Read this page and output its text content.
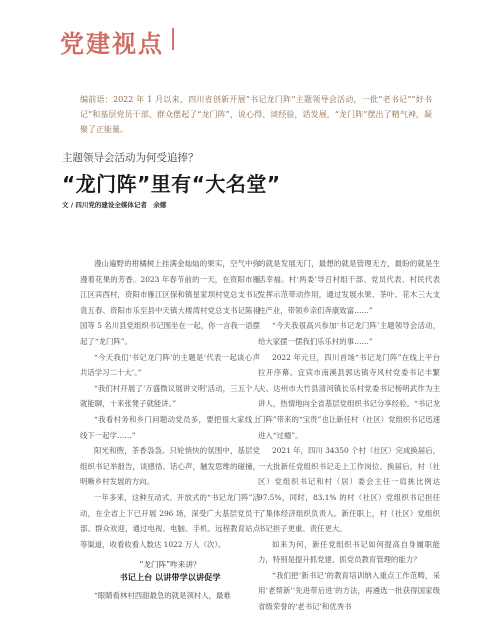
党建视点
编前语：2022 年 1 月以来，四川省创新开展“书记龙门阵”主题领导会活动，一批“老书记”“好书记”和基层党员干部、群众摆起了“龙门阵”，说心得、谈经验，话发展，“龙门阵”摆出了精气神，凝聚了正能量。
主题领导会活动为何受追捧？
“龙门阵”里有“大名堂”
文 / 四川党的建设全媒体记者　余娜

漫山遍野的柑橘树上挂满金灿灿的果实，空气中弥漫着花果的芳香。2023 年春节前的一天，在资阳市雁江区宾西村，资阳市雁江区保和镇星家坝村党总支书记袁五春、资阳市乐至县中天镇大楼湾村党总支书记陈祖国等 5 名川县党组织书记围坐在一起，你一言我一语摆起了“龙门阵”。

“今天我们‘书记龙门阵’的主题是‘代表一起谈心声 共话学习二十大’。”

“我们村开展了‘万盛微议展讲文明’活动，三五个人就能聊，十来张凳子就能讲。”

“我看村务和乡门问题动党员多，要把很大家线上线下一起学……”

阳光和煦，茶香袅袅。只轮悄快的氛围中，基层党组织书记举报告，谈感悟、话心声，触发思维的碰撞，明晰乡村发展的方向。

一年多来，这种互动式、开放式的“书记龙门阵”活动，在全省上下已开展 296 场，深受广大基层党员干部、群众欢迎，通过电视、电脑、手机、远程教育站点等渠道，收看收看人数达 1022 万人（次）。

“龙门阵”咋来讲？
书记上台 以讲带学以讲促学

“眼睛看林村西甜最急的就是领村人，最难

的就是发展无门，最想的就是管理无方，最盼的就是生活幸福。村‘两委’导召村组干部、党员代表、村民代表发挥示范带动作用，通过发展水果、茶叶、花木三大支柱产业，带领乡亲们奔康致富……”

“今天我很高兴参加‘书记龙门阵’主题领导会活动，给大家摆一摆我们乐乐村的事……”

2022 年元旦，四川首场“书记龙门阵”在线上平台拉开序幕。宜宾市南溪县郭达镇寺风村党委书记丰繁夫、达州市大竹县清河镇长乐村党委书记杨明武作为主讲人，热情地向全省基层党组织书记分享经验。“书记龙门阵”带来的“宝贵”也让新任村（社区）党组织书记迅速进入“过瘾”。

2021 年，四川 34350 个村（社区）完成换届后，一大批新任党组织书记走上工作岗位。换届后，村（社区）党组织书记和村（居）委会主任一肩挑比例达 97.5%，同时，83.1% 的村（社区）党组织书记担任了集体经济组织负责人。新任职上，村（社区）党组织书记担子更重、责任更大。

如来为何，新任党组织书记如何提高自身履职能力，特别是提升抓党建、抓党员教育管理的能力？

“我们把‘新书记’的教育培训纳入重点工作范畴，采用‘老帮新’‘先进带后进’的方法，再遴选一批获得国家级省级荣誉的‘老书记’和优秀书
